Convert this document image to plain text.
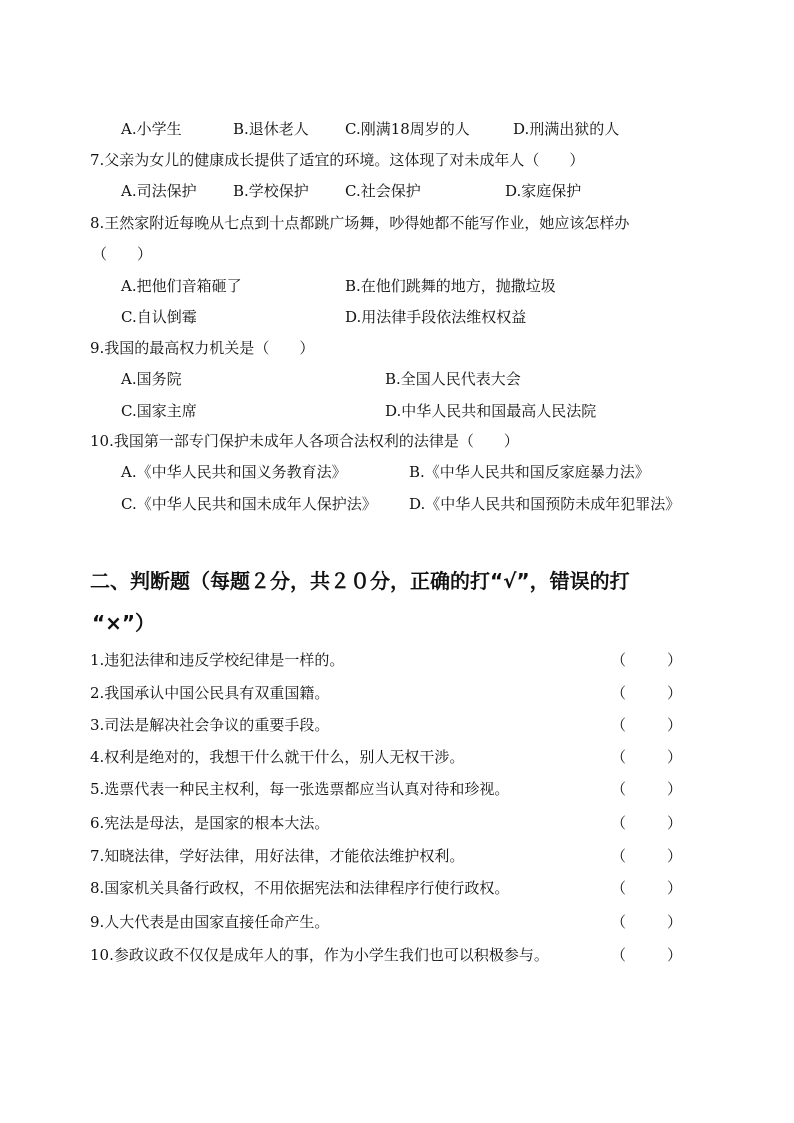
A.小学生	B.退休老人 C.刚满18周岁的人	D.刑满出狱的人
7.父亲为女儿的健康成长提供了适宜的环境。这体现了对未成年人（　　）
A.司法保护 B.学校保护 C.社会保护	D.家庭保护
8.王然家附近每晚从七点到十点都跳广场舞，吵得她都不能写作业，她应该怎样办
（　　）
A.把他们音箱砸了	B.在他们跳舞的地方，抛撒垃圾
C.自认倒霉	D.用法律手段依法维权权益
9.我国的最高权力机关是（　　）
A.国务院	B.全国人民代表大会
C.国家主席	D.中华人民共和国最高人民法院
10.我国第一部专门保护未成年人各项合法权利的法律是（　　）
A.《中华人民共和国义务教育法》	B.《中华人民共和国反家庭暴力法》
C.《中华人民共和国未成年人保护法》 D.《中华人民共和国预防未成年犯罪法》
二、判断题（每题２分，共２０分，正确的打“√”，错误的打
“×”）
1.违犯法律和违反学校纪律是一样的。	（	）
2.我国承认中国公民具有双重国籍。	（	）
3.司法是解决社会争议的重要手段。	（	）
4.权利是绝对的，我想干什么就干什么，别人无权干涉。	（	）
5.选票代表一种民主权利，每一张选票都应当认真对待和珍视。	（	）
6.宪法是母法，是国家的根本大法。	（	）
7.知晓法律，学好法律，用好法律，才能依法维护权利。	（	）
8.国家机关具备行政权，不用依据宪法和法律程序行使行政权。	（	）
9.人大代表是由国家直接任命产生。	（	）
10.参政议政不仅仅是成年人的事，作为小学生我们也可以积极参与。	（	）
